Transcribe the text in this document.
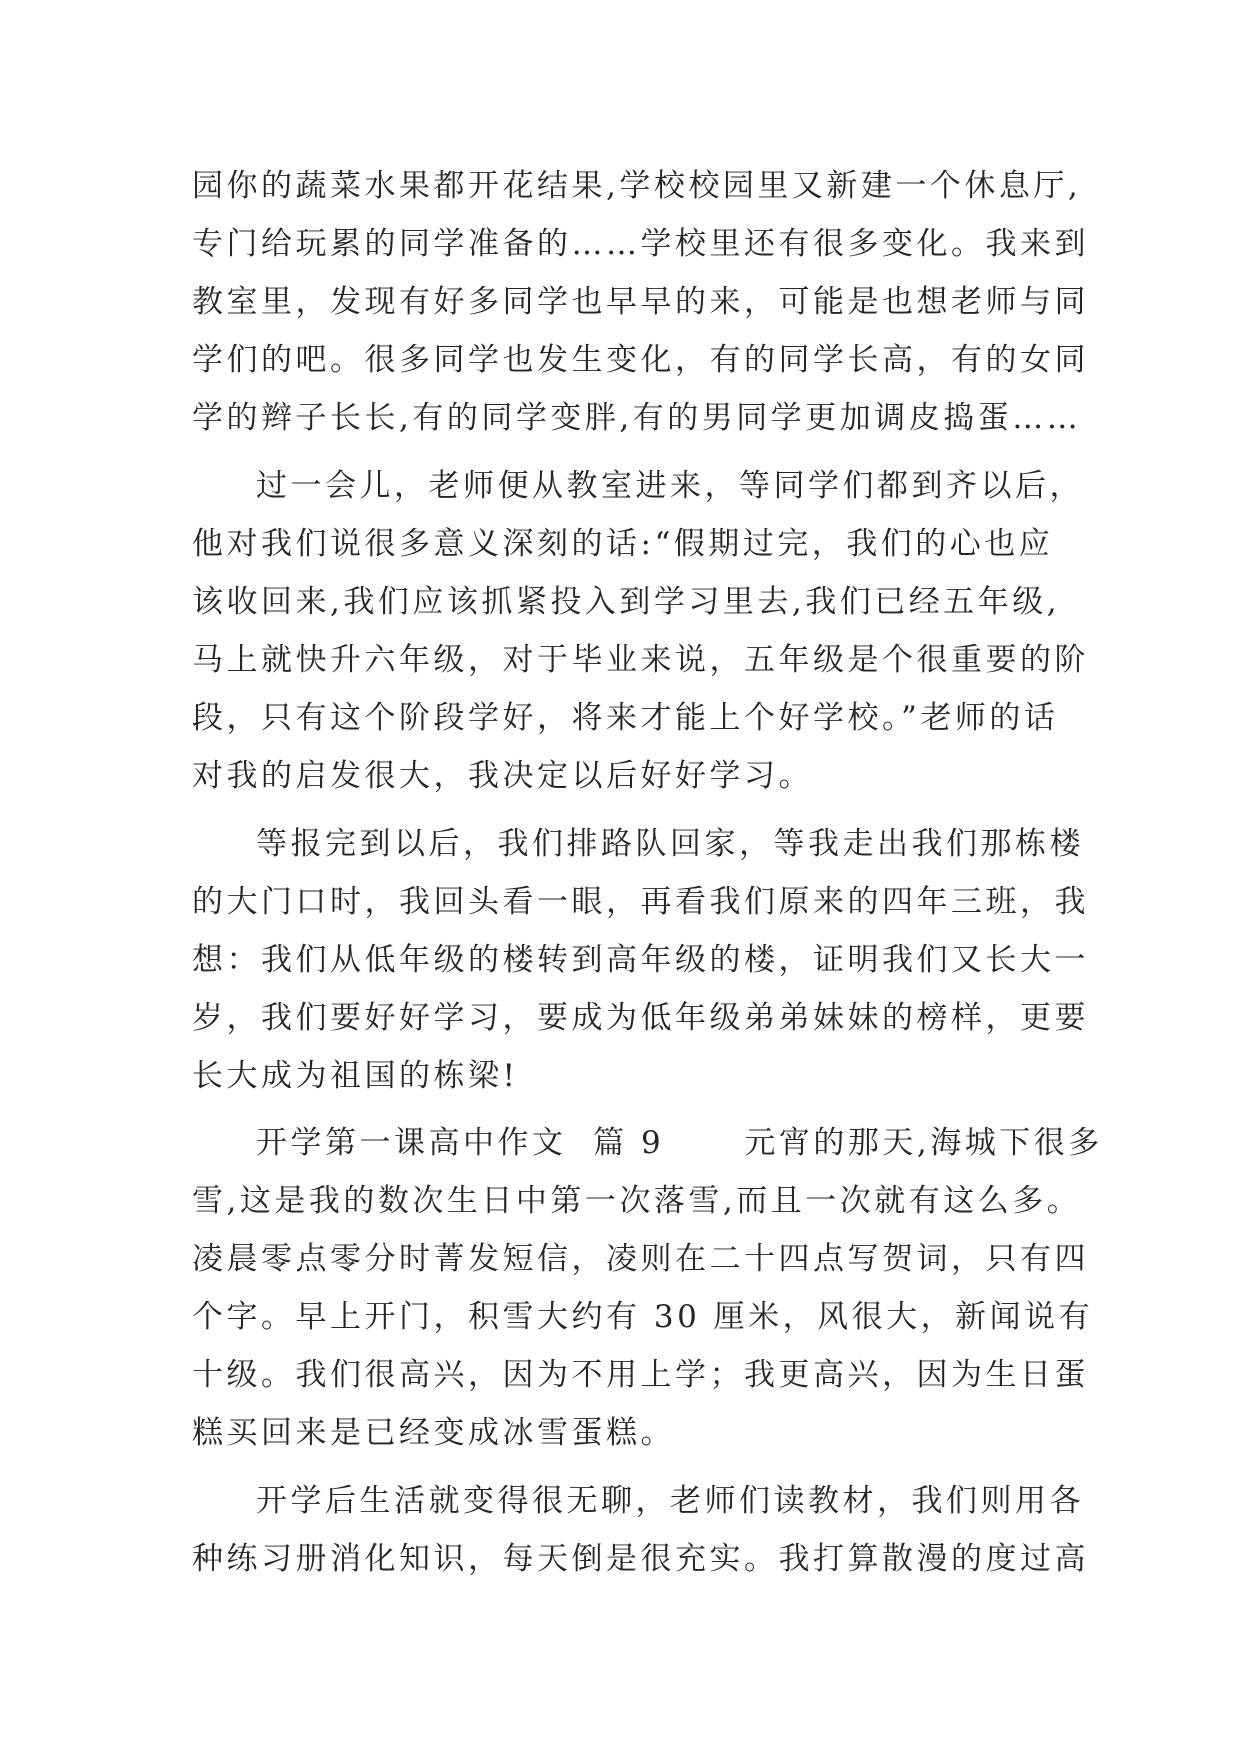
园你的蔬菜水果都开花结果,学校校园里又新建一个休息厅,
专门给玩累的同学准备的……学校里还有很多变化。我来到
教室里，发现有好多同学也早早的来，可能是也想老师与同
学们的吧。很多同学也发生变化，有的同学长高，有的女同
学的辫子长长,有的同学变胖,有的男同学更加调皮捣蛋……
过一会儿，老师便从教室进来，等同学们都到齐以后，
他对我们说很多意义深刻的话:“假期过完，我们的心也应
该收回来,我们应该抓紧投入到学习里去,我们已经五年级,
马上就快升六年级，对于毕业来说，五年级是个很重要的阶
段，只有这个阶段学好，将来才能上个好学校。”老师的话
对我的启发很大，我决定以后好好学习。
等报完到以后，我们排路队回家，等我走出我们那栋楼
的大门口时，我回头看一眼，再看我们原来的四年三班，我
想：我们从低年级的楼转到高年级的楼，证明我们又长大一
岁，我们要好好学习，要成为低年级弟弟妹妹的榜样，更要
长大成为祖国的栋梁!
开学第一课高中作文  篇 9      元宵的那天,海城下很多
雪,这是我的数次生日中第一次落雪,而且一次就有这么多。
凌晨零点零分时菁发短信，凌则在二十四点写贺词，只有四
个字。早上开门，积雪大约有 30 厘米，风很大，新闻说有
十级。我们很高兴，因为不用上学；我更高兴，因为生日蛋
糕买回来是已经变成冰雪蛋糕。
开学后生活就变得很无聊，老师们读教材，我们则用各
种练习册消化知识，每天倒是很充实。我打算散漫的度过高
